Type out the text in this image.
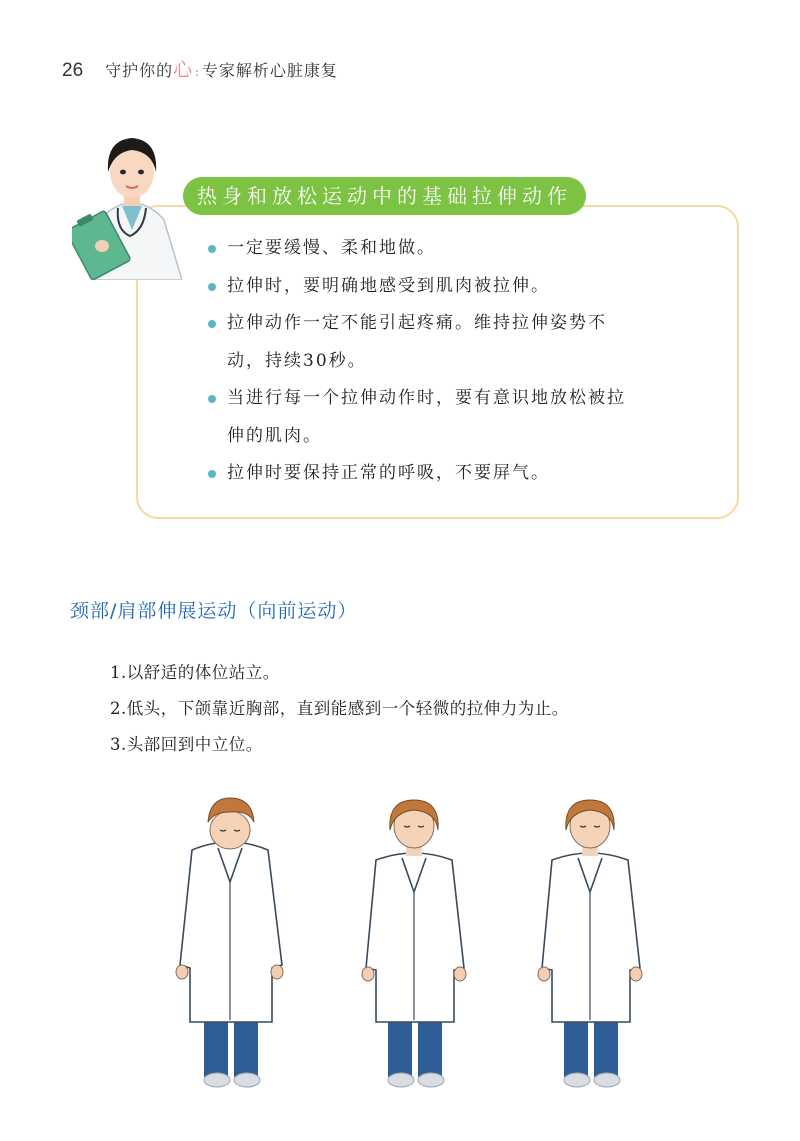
26 守护你的心 : 专家解析心脏康复
热身和放松运动中的基础拉伸动作
一定要缓慢、柔和地做。
拉伸时，要明确地感受到肌肉被拉伸。
拉伸动作一定不能引起疼痛。维持拉伸姿势不
动，持续30秒。
当进行每一个拉伸动作时，要有意识地放松被拉
伸的肌肉。
拉伸时要保持正常的呼吸，不要屏气。
颈部/肩部伸展运动（向前运动）
1.以舒适的体位站立。
2.低头，下颌靠近胸部，直到能感到一个轻微的拉伸力为止。
3.头部回到中立位。
